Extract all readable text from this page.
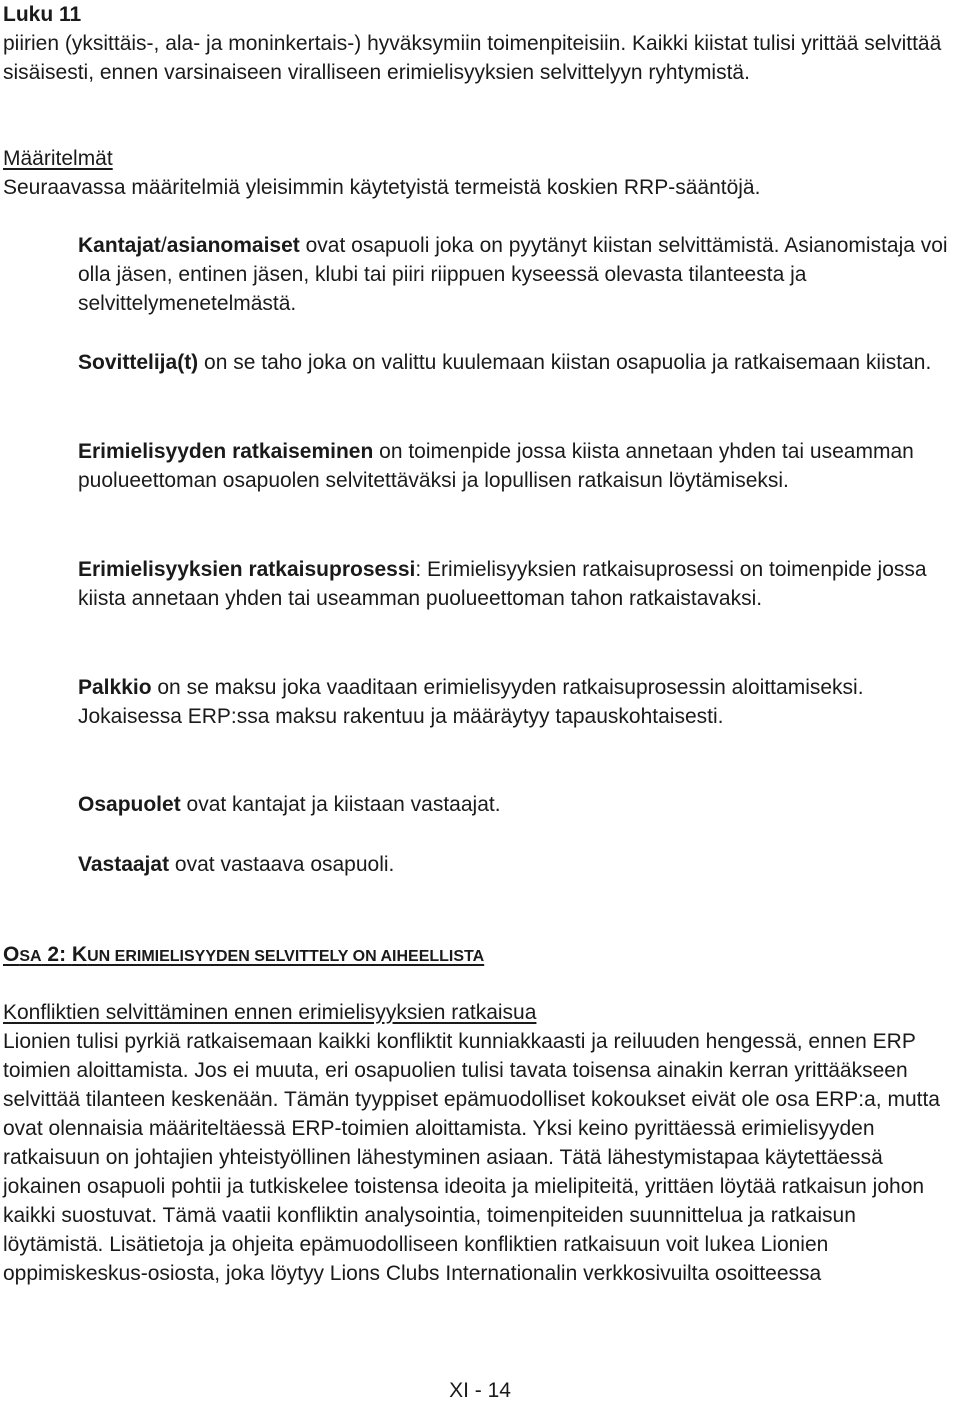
Luku 11
piirien (yksittäis-, ala- ja moninkertais-) hyväksymiin toimenpiteisiin. Kaikki kiistat tulisi yrittää selvittää sisäisesti, ennen varsinaiseen viralliseen erimielisyyksien selvittelyyn ryhtymistä.
Määritelmät
Seuraavassa määritelmiä yleisimmin käytetyistä termeistä koskien RRP-sääntöjä.

Kantajat/asianomaiset ovat osapuoli joka on pyytänyt kiistan selvittämistä. Asianomistaja voi olla jäsen, entinen jäsen, klubi tai piiri riippuen kyseessä olevasta tilanteesta ja selvittelymenetelmästä.

Sovittelija(t) on se taho joka on valittu kuulemaan kiistan osapuolia ja ratkaisemaan kiistan.

Erimielisyyden ratkaiseminen on toimenpide jossa kiista annetaan yhden tai useamman puolueettoman osapuolen selvitettäväksi ja lopullisen ratkaisun löytämiseksi.

Erimielisyyksien ratkaisuprosessi: Erimielisyyksien ratkaisuprosessi on toimenpide jossa kiista annetaan yhden tai useamman puolueettoman tahon ratkaistavaksi.

Palkkio on se maksu joka vaaditaan erimielisyyden ratkaisuprosessin aloittamiseksi. Jokaisessa ERP:ssa maksu rakentuu ja määräytyy tapauskohtaisesti.

Osapuolet ovat kantajat ja kiistaan vastaajat.

Vastaajat ovat vastaava osapuoli.

OSA 2: KUN ERIMIELISYYDEN SELVITTELY ON AIHEELLISTA
Konfliktien selvittäminen ennen erimielisyyksien ratkaisua
Lionien tulisi pyrkiä ratkaisemaan kaikki konfliktit kunniakkaasti ja reiluuden hengessä, ennen ERP toimien aloittamista. Jos ei muuta, eri osapuolien tulisi tavata toisensa ainakin kerran yrittääkseen selvittää tilanteen keskenään. Tämän tyyppiset epämuodolliset kokoukset eivät ole osa ERP:a, mutta ovat olennaisia määriteltäessä ERP-toimien aloittamista. Yksi keino pyrittäessä erimielisyyden ratkaisuun on johtajien yhteistyöllinen lähestyminen asiaan. Tätä lähestymistapaa käytettäessä jokainen osapuoli pohtii ja tutkiskelee toistensa ideoita ja mielipiteitä, yrittäen löytää ratkaisun johon kaikki suostuvat. Tämä vaatii konfliktin analysointia, toimenpiteiden suunnittelua ja ratkaisun löytämistä. Lisätietoja ja ohjeita epämuodolliseen konfliktien ratkaisuun voit lukea Lionien oppimiskeskus-osiosta, joka löytyy Lions Clubs Internationalin verkkosivuilta osoitteessa
XI - 14
